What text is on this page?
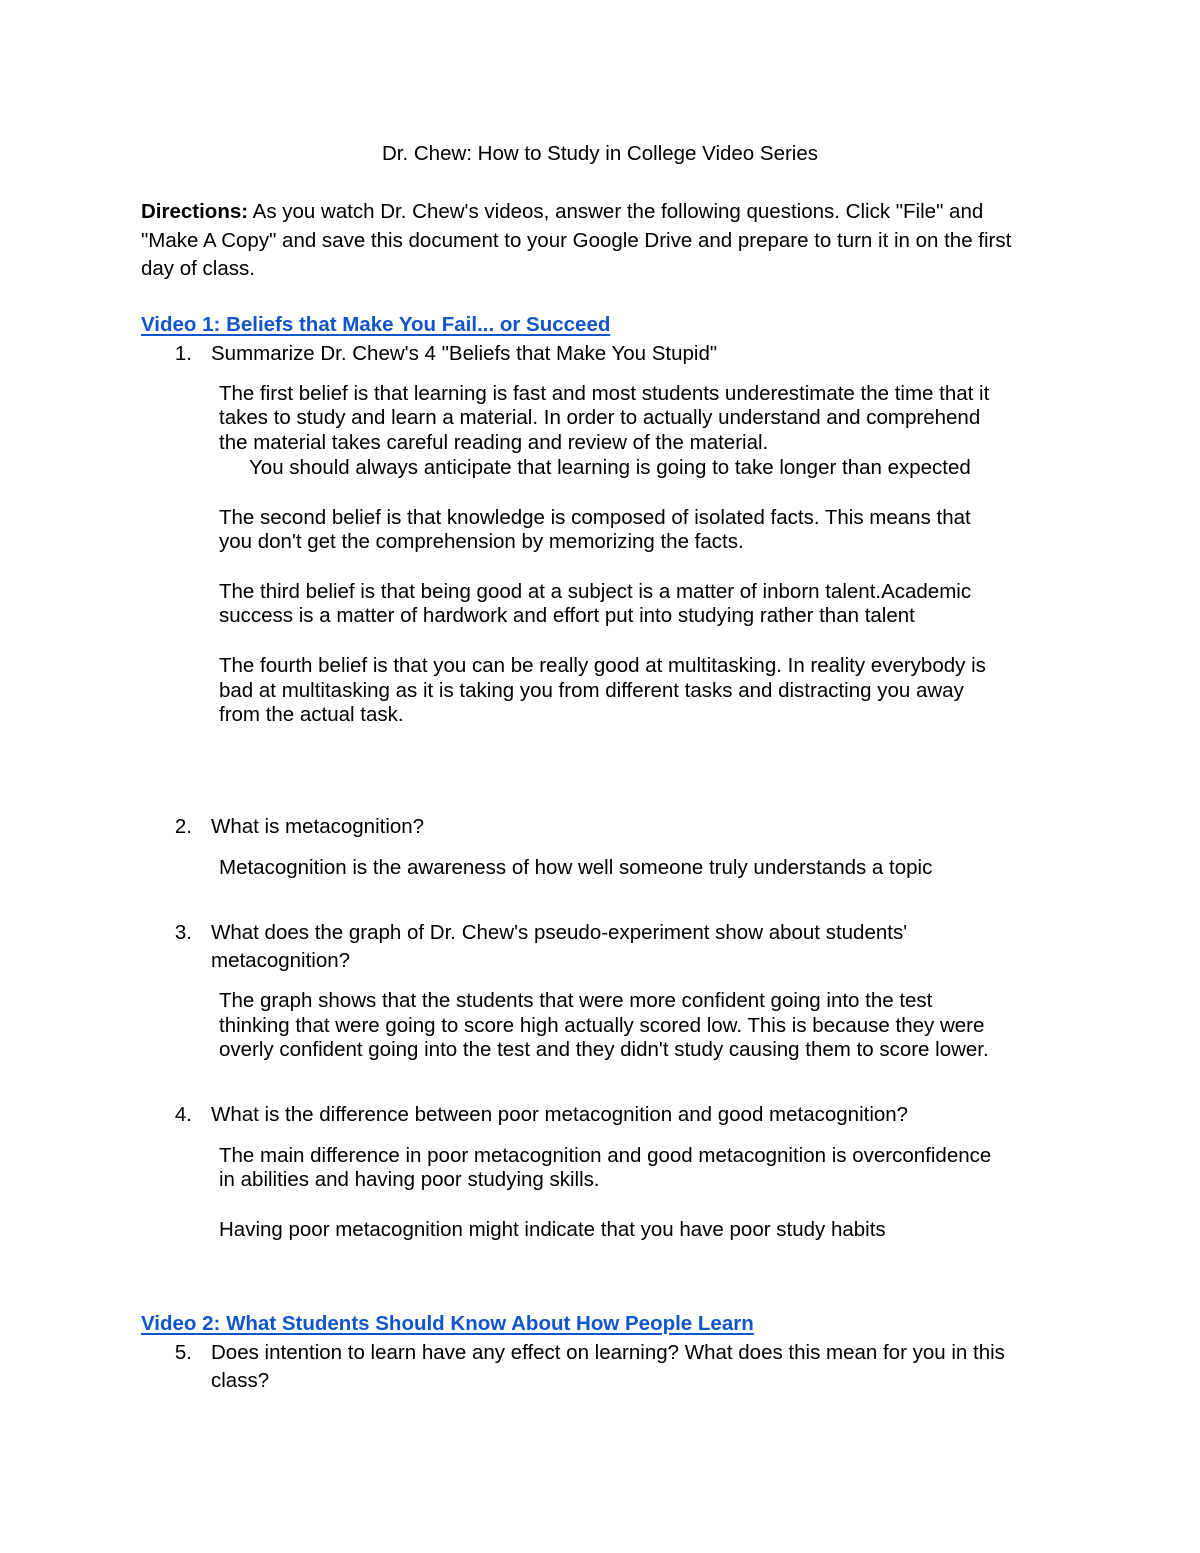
Dr. Chew: How to Study in College Video Series

Directions: As you watch Dr. Chew's videos, answer the following questions. Click "File" and

"Make A Copy" and save this document to your Google Drive and prepare to turn it in on the first

day of class.

Video 1: Beliefs that Make You Fail... or Succeed
1. Summarize Dr. Chew's 4 "Beliefs that Make You Stupid"

The first belief is that learning is fast and most students underestimate the time that it

takes to study and learn a material. In order to actually understand and comprehend

the material takes careful reading and review of the material.

You should always anticipate that learning is going to take longer than expected

The second belief is that knowledge is composed of isolated facts. This means that

you don't get the comprehension by memorizing the facts.

The third belief is that being good at a subject is a matter of inborn talent.Academic

success is a matter of hardwork and effort put into studying rather than talent

The fourth belief is that you can be really good at multitasking. In reality everybody is

bad at multitasking as it is taking you from different tasks and distracting you away

from the actual task.

2. What is metacognition?

Metacognition is the awareness of how well someone truly understands a topic

3. What does the graph of Dr. Chew's pseudo-experiment show about students'

metacognition?

The graph shows that the students that were more confident going into the test

thinking that were going to score high actually scored low. This is because they were

overly confident going into the test and they didn't study causing them to score lower.

4. What is the difference between poor metacognition and good metacognition?

The main difference in poor metacognition and good metacognition is overconfidence

in abilities and having poor studying skills.

Having poor metacognition might indicate that you have poor study habits

Video 2: What Students Should Know About How People Learn
5. Does intention to learn have any effect on learning? What does this mean for you in this

class?
